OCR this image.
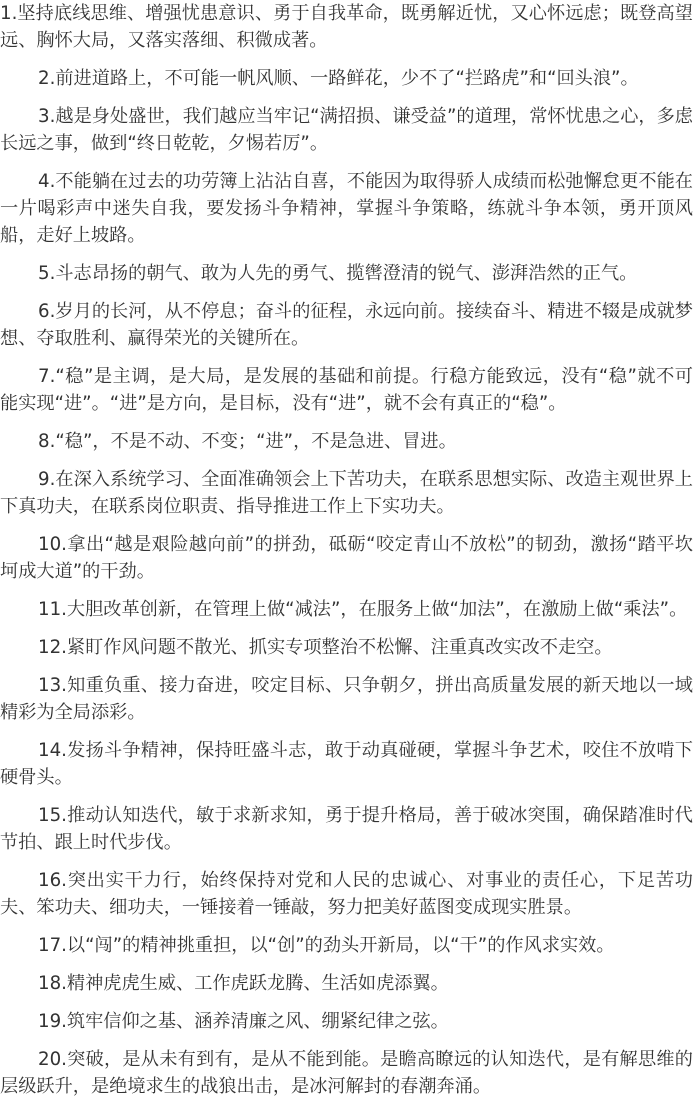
1.坚持底线思维、增强忧患意识、勇于自我革命，既勇解近忧，又心怀远虑；既登高望远、胸怀大局，又落实落细、积微成著。

2.前进道路上，不可能一帆风顺、一路鲜花，少不了“拦路虎”和“回头浪”。

3.越是身处盛世，我们越应当牢记“满招损、谦受益”的道理，常怀忧患之心，多虑长远之事，做到“终日乾乾，夕惕若厉”。

4.不能躺在过去的功劳簿上沾沾自喜，不能因为取得骄人成绩而松弛懈怠更不能在一片喝彩声中迷失自我，要发扬斗争精神，掌握斗争策略，练就斗争本领，勇开顶风船，走好上坡路。

5.斗志昂扬的朝气、敢为人先的勇气、揽辔澄清的锐气、澎湃浩然的正气。

6.岁月的长河，从不停息；奋斗的征程，永远向前。接续奋斗、精进不辍是成就梦想、夺取胜利、赢得荣光的关键所在。

7.“稳”是主调，是大局，是发展的基础和前提。行稳方能致远，没有“稳”就不可能实现“进”。“进”是方向，是目标，没有“进”，就不会有真正的“稳”。

8.“稳”，不是不动、不变；“进”，不是急进、冒进。

9.在深入系统学习、全面准确领会上下苦功夫，在联系思想实际、改造主观世界上下真功夫，在联系岗位职责、指导推进工作上下实功夫。

10.拿出“越是艰险越向前”的拼劲，砥砺“咬定青山不放松”的韧劲，激扬“踏平坎坷成大道”的干劲。

11.大胆改革创新，在管理上做“减法”，在服务上做“加法”，在激励上做“乘法”。

12.紧盯作风问题不散光、抓实专项整治不松懈、注重真改实改不走空。

13.知重负重、接力奋进，咬定目标、只争朝夕，拼出高质量发展的新天地以一域精彩为全局添彩。

14.发扬斗争精神，保持旺盛斗志，敢于动真碰硬，掌握斗争艺术，咬住不放啃下硬骨头。

15.推动认知迭代，敏于求新求知，勇于提升格局，善于破冰突围，确保踏准时代节拍、跟上时代步伐。

16.突出实干力行，始终保持对党和人民的忠诚心、对事业的责任心，下足苦功夫、笨功夫、细功夫，一锤接着一锤敲，努力把美好蓝图变成现实胜景。

17.以“闯”的精神挑重担，以“创”的劲头开新局，以“干”的作风求实效。

18.精神虎虎生威、工作虎跃龙腾、生活如虎添翼。

19.筑牢信仰之基、涵养清廉之风、绷紧纪律之弦。

20.突破，是从未有到有，是从不能到能。是瞻高瞭远的认知迭代，是有解思维的层级跃升，是绝境求生的战狼出击，是冰河解封的春潮奔涌。
